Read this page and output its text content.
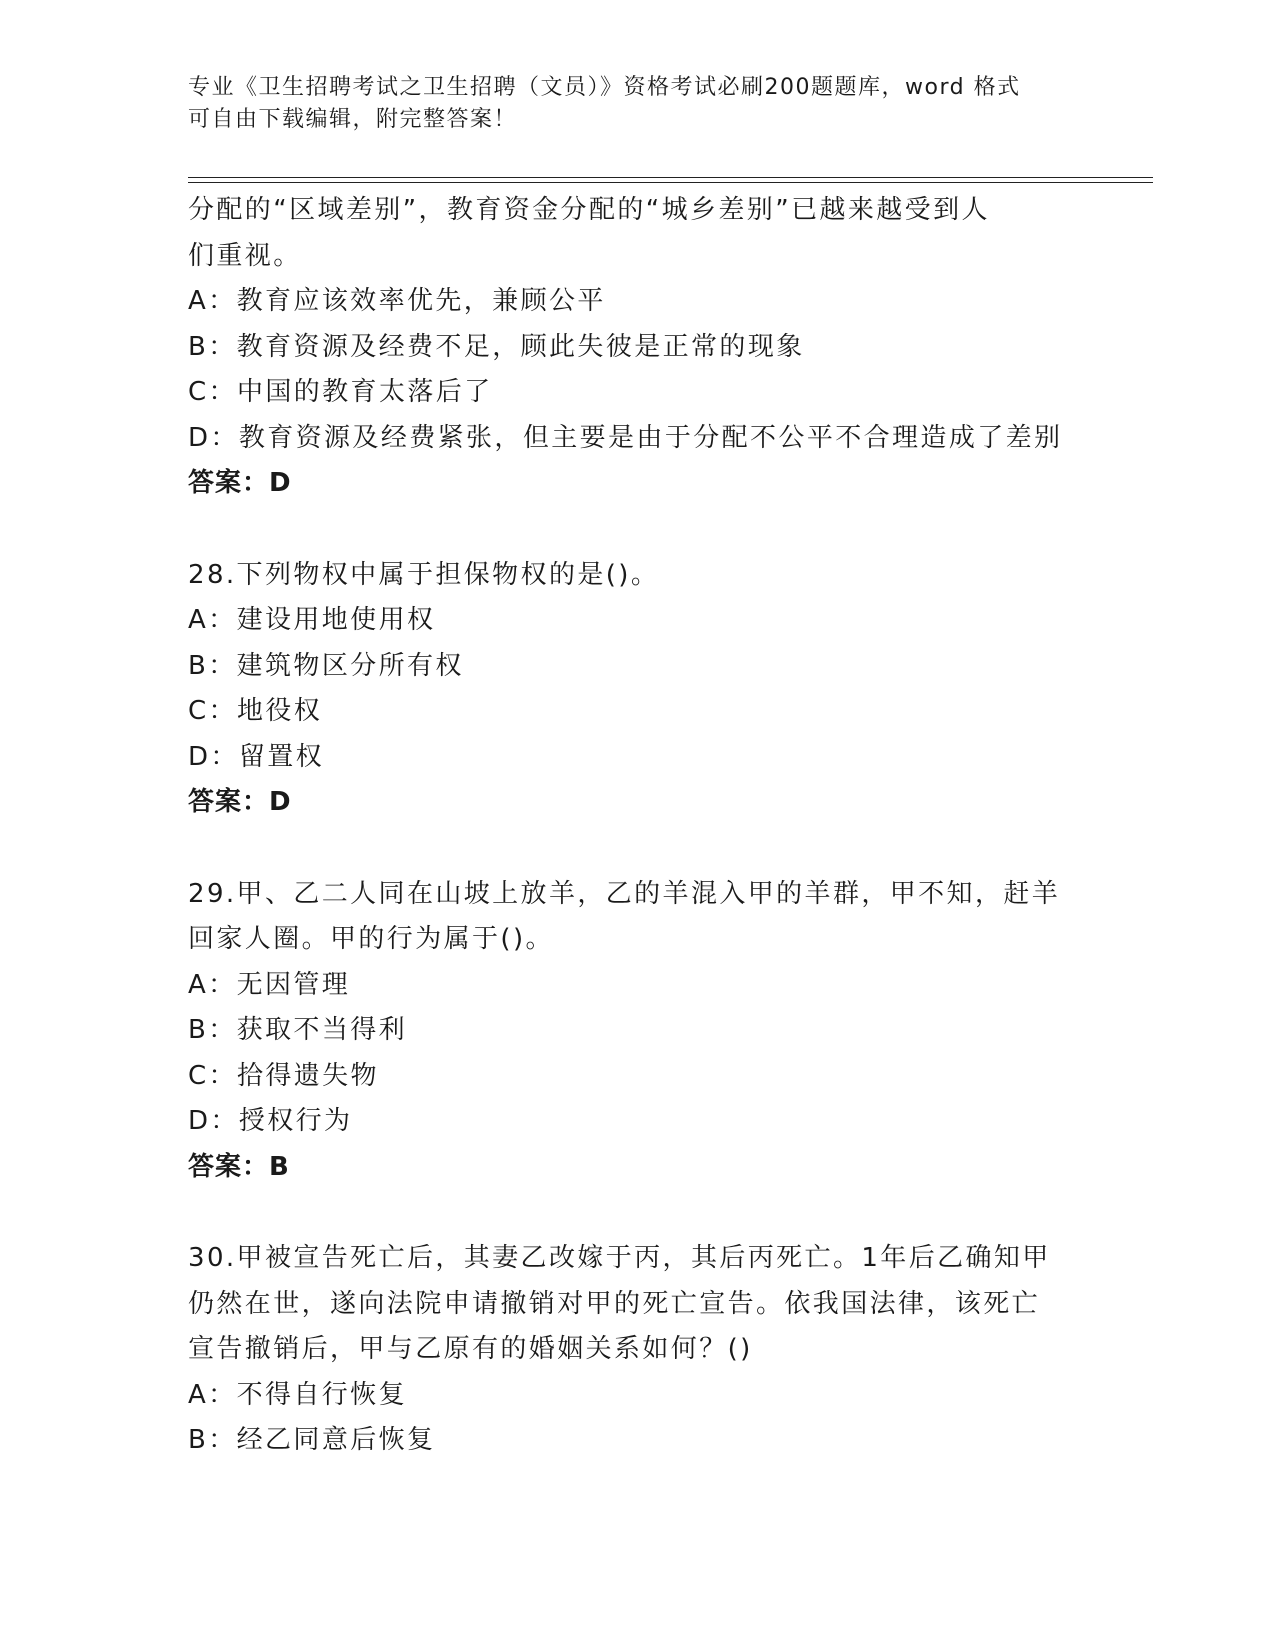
专业《卫生招聘考试之卫生招聘（文员）》资格考试必刷200题题库，word 格式
可自由下载编辑，附完整答案！
分配的“区域差别”，教育资金分配的“城乡差别”已越来越受到人
们重视。
A：教育应该效率优先，兼顾公平
B：教育资源及经费不足，顾此失彼是正常的现象
C：中国的教育太落后了
D：教育资源及经费紧张，但主要是由于分配不公平不合理造成了差别
答案：D
28.下列物权中属于担保物权的是()。
A：建设用地使用权
B：建筑物区分所有权
C：地役权
D：留置权
答案：D
29.甲、乙二人同在山坡上放羊，乙的羊混入甲的羊群，甲不知，赶羊
回家人圈。甲的行为属于()。
A：无因管理
B：获取不当得利
C：拾得遗失物
D：授权行为
答案：B
30.甲被宣告死亡后，其妻乙改嫁于丙，其后丙死亡。1年后乙确知甲
仍然在世，遂向法院申请撤销对甲的死亡宣告。依我国法律，该死亡
宣告撤销后，甲与乙原有的婚姻关系如何？()
A：不得自行恢复
B：经乙同意后恢复
